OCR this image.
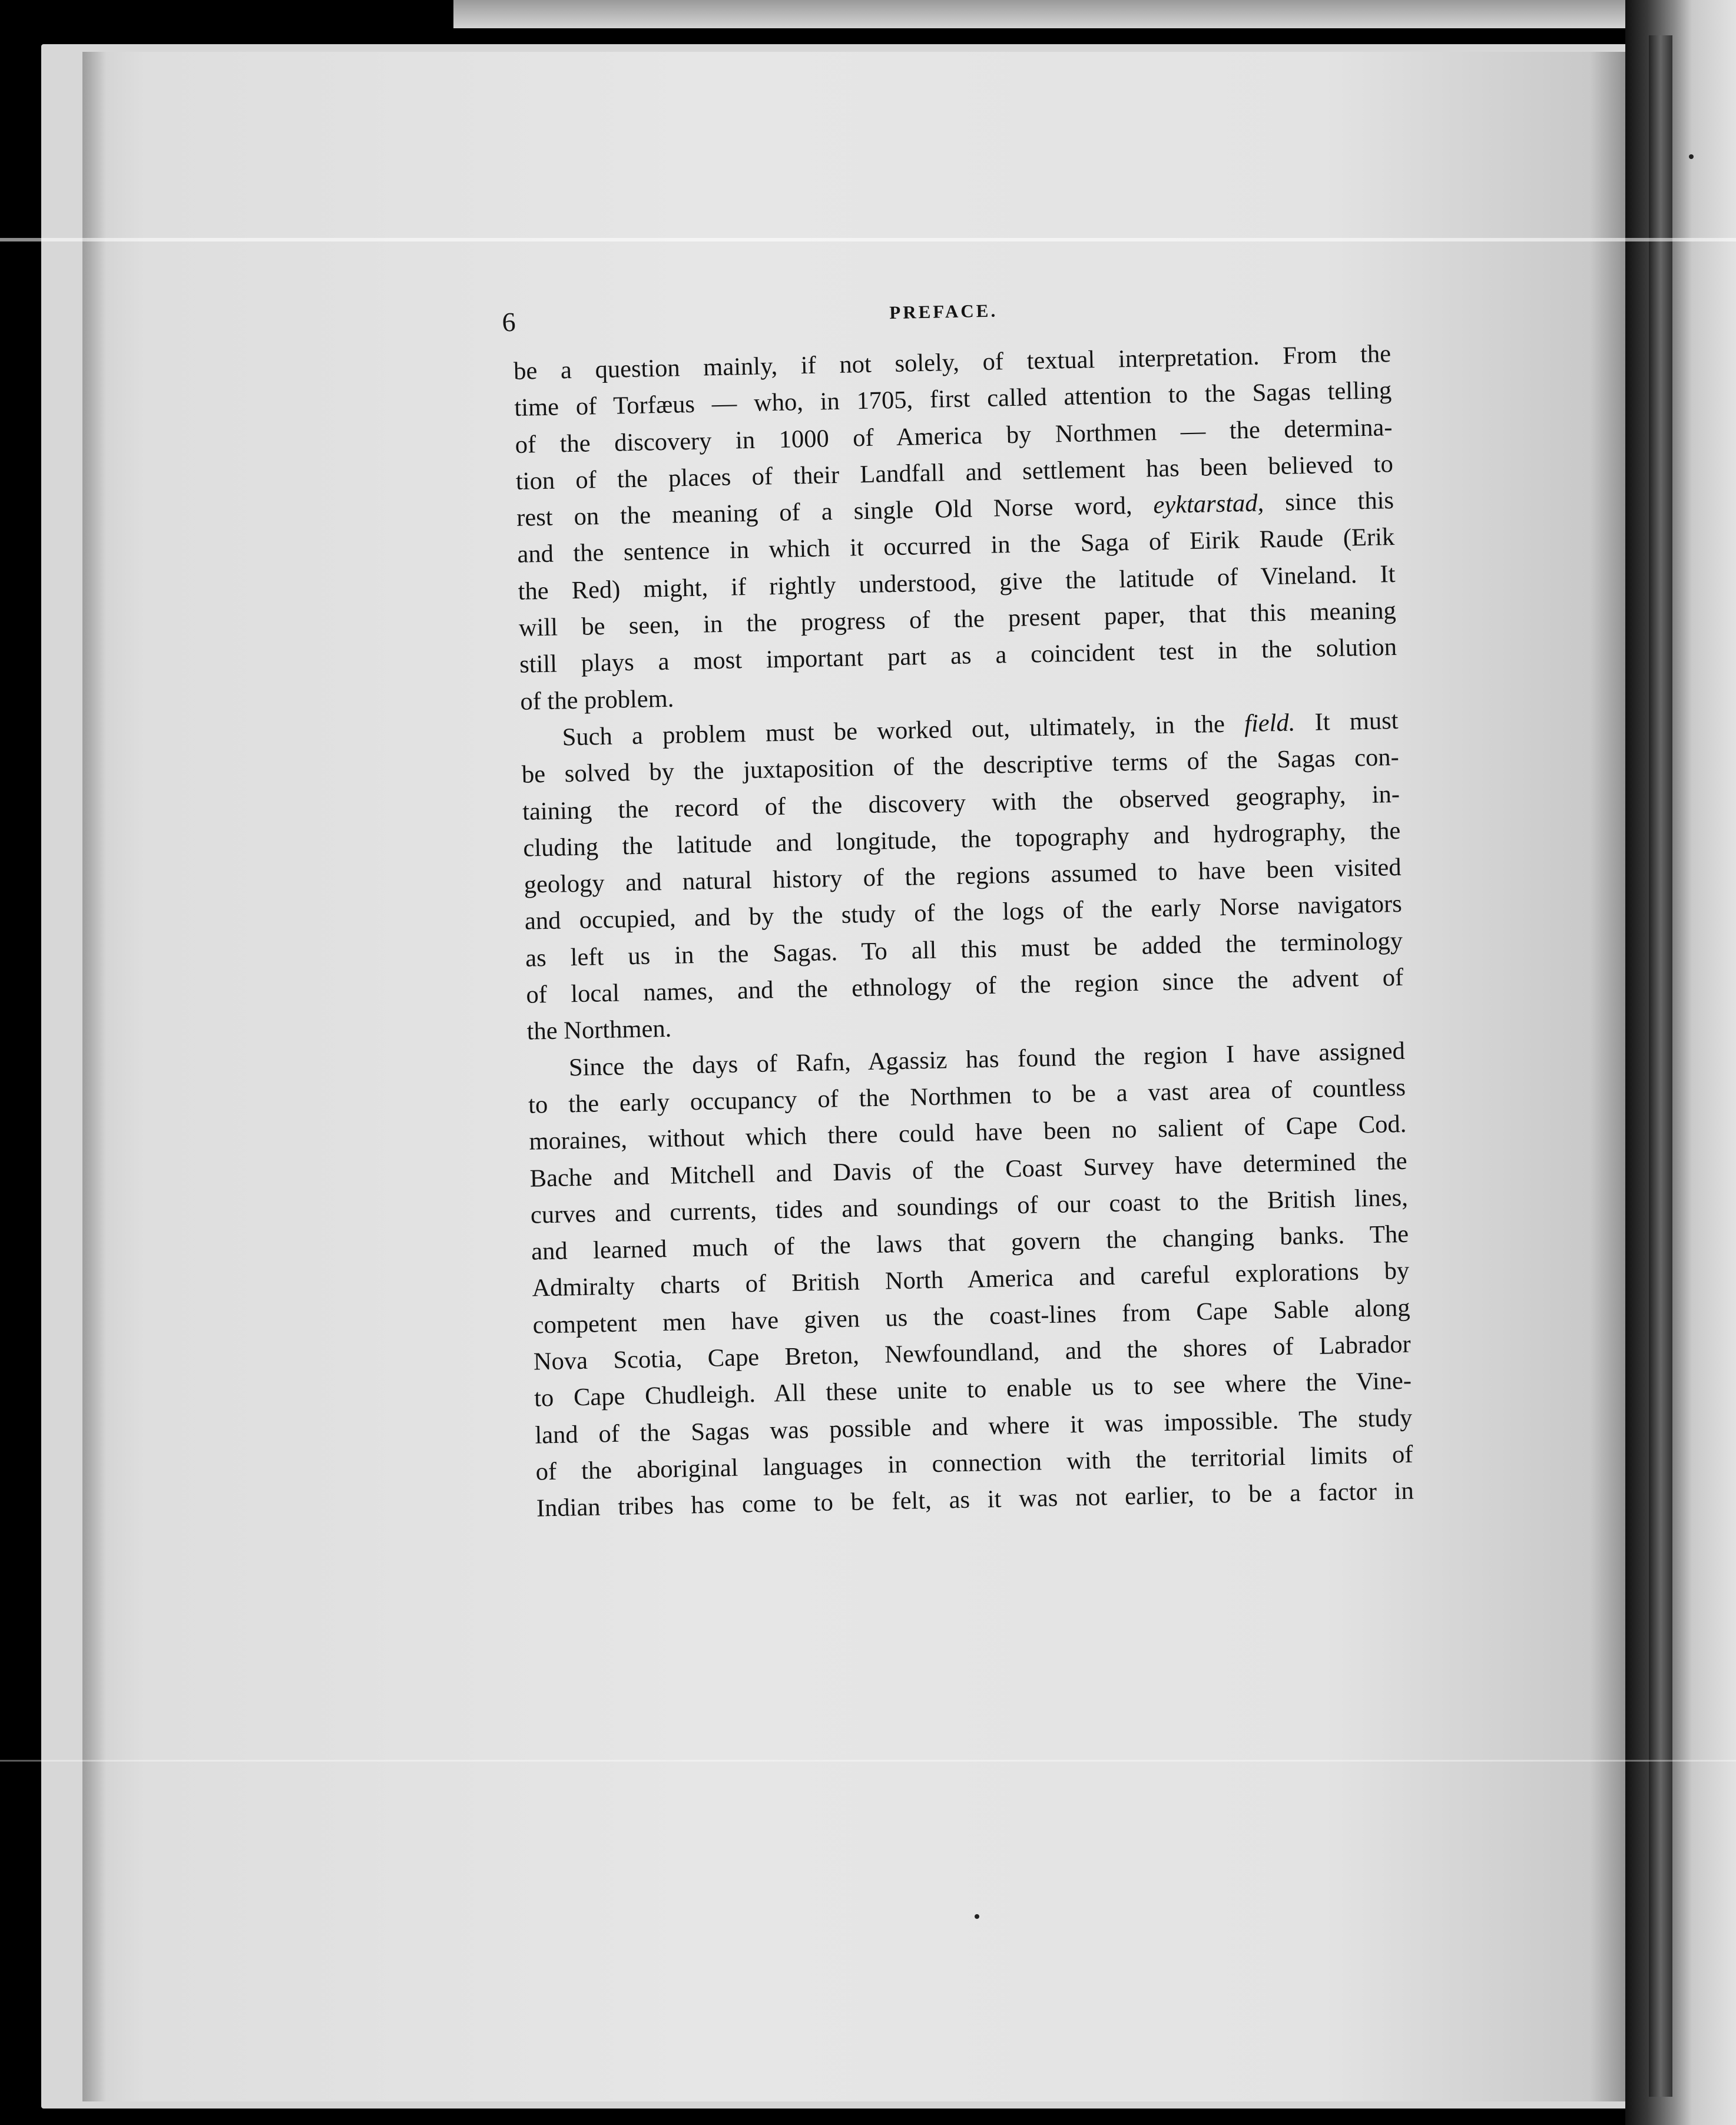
6	PREFACE.
be a question mainly, if not solely, of textual interpretation. From the
time of Torfæus — who, in 1705, first called attention to the Sagas telling
of the discovery in 1000 of America by Northmen — the determina-
tion of the places of their Landfall and settlement has been believed to
rest on the meaning of a single Old Norse word, eyktarstad, since this
and the sentence in which it occurred in the Saga of Eirik Raude (Erik
the Red) might, if rightly understood, give the latitude of Vineland. It
will be seen, in the progress of the present paper, that this meaning
still plays a most important part as a coincident test in the solution
of the problem.
Such a problem must be worked out, ultimately, in the field. It must
be solved by the juxtaposition of the descriptive terms of the Sagas con-
taining the record of the discovery with the observed geography, in-
cluding the latitude and longitude, the topography and hydrography, the
geology and natural history of the regions assumed to have been visited
and occupied, and by the study of the logs of the early Norse navigators
as left us in the Sagas. To all this must be added the terminology
of local names, and the ethnology of the region since the advent of
the Northmen.
Since the days of Rafn, Agassiz has found the region I have assigned
to the early occupancy of the Northmen to be a vast area of countless
moraines, without which there could have been no salient of Cape Cod.
Bache and Mitchell and Davis of the Coast Survey have determined the
curves and currents, tides and soundings of our coast to the British lines,
and learned much of the laws that govern the changing banks. The
Admiralty charts of British North America and careful explorations by
competent men have given us the coast-lines from Cape Sable along
Nova Scotia, Cape Breton, Newfoundland, and the shores of Labrador
to Cape Chudleigh. All these unite to enable us to see where the Vine-
land of the Sagas was possible and where it was impossible. The study
of the aboriginal languages in connection with the territorial limits of
Indian tribes has come to be felt, as it was not earlier, to be a factor in
